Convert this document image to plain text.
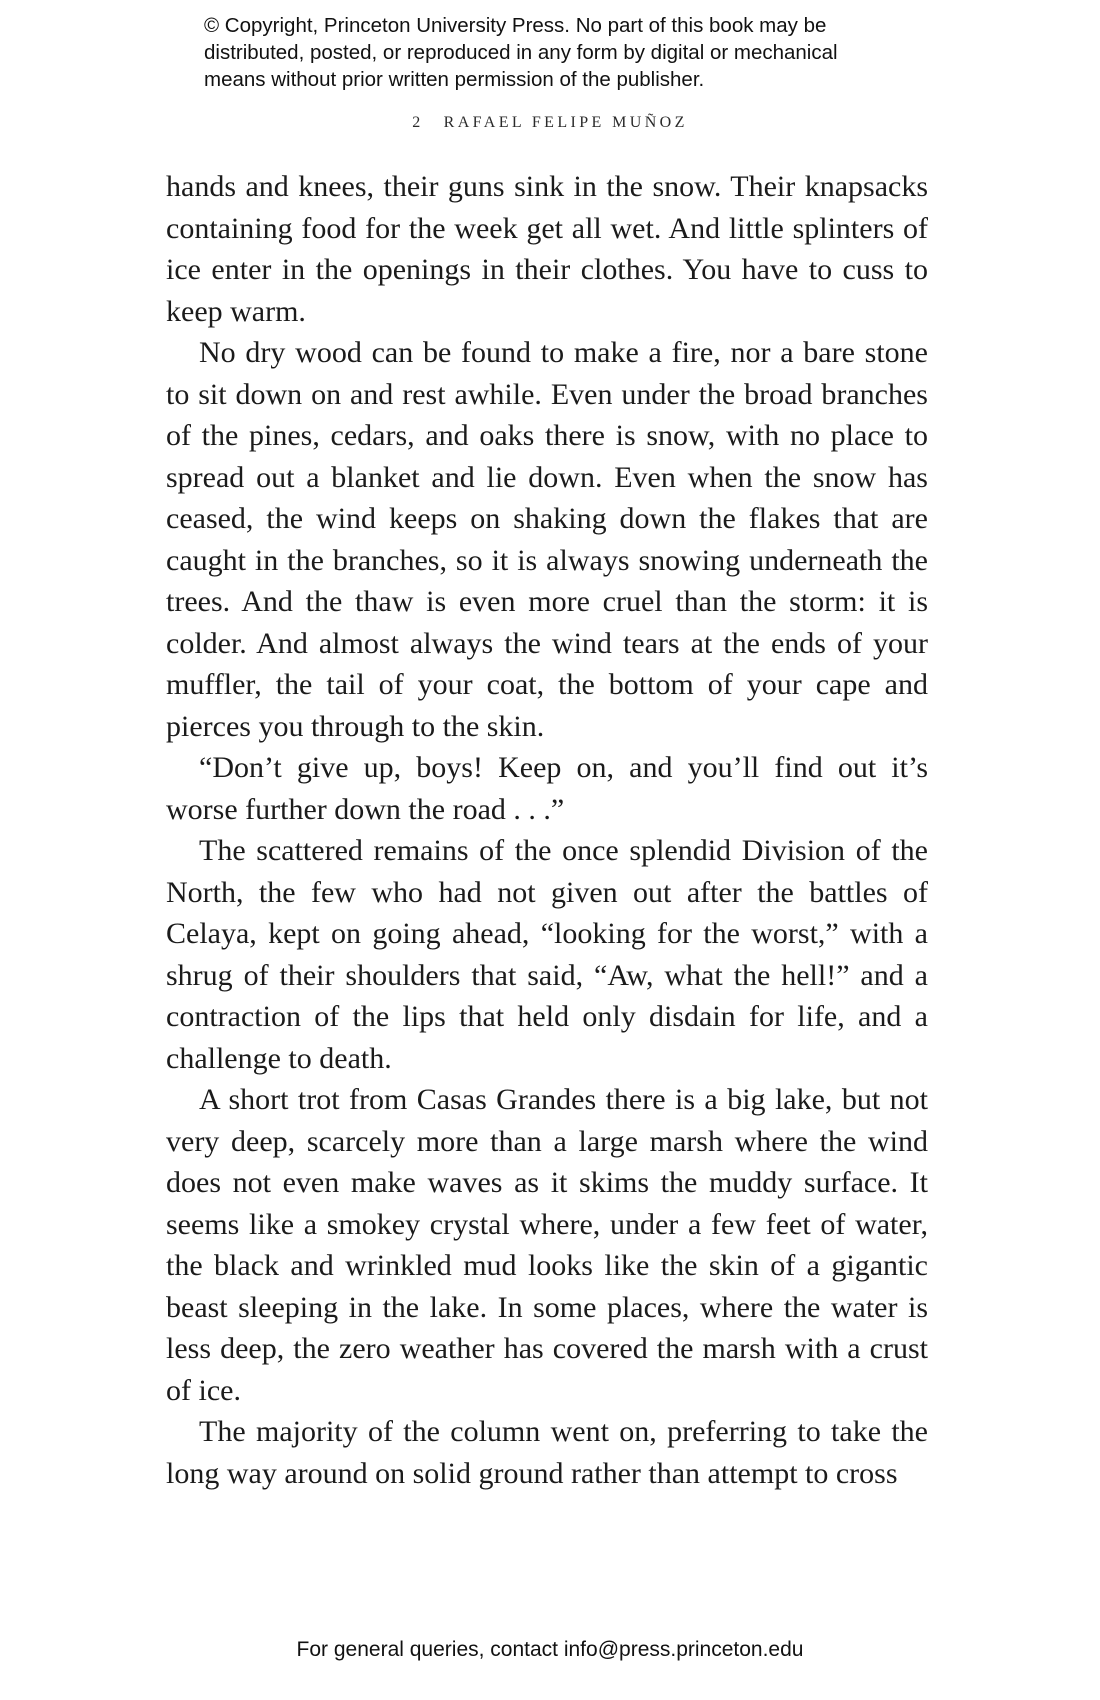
© Copyright, Princeton University Press. No part of this book may be
distributed, posted, or reproduced in any form by digital or mechanical
means without prior written permission of the publisher.
2 RAFAEL FELIPE MUÑOZ

hands and knees, their guns sink in the snow. Their knapsacks containing food for the week get all wet. And little splinters of ice enter in the openings in their clothes. You have to cuss to keep warm.

No dry wood can be found to make a fire, nor a bare stone to sit down on and rest awhile. Even under the broad branches of the pines, cedars, and oaks there is snow, with no place to spread out a blanket and lie down. Even when the snow has ceased, the wind keeps on shaking down the flakes that are caught in the branches, so it is always snowing underneath the trees. And the thaw is even more cruel than the storm: it is colder. And almost always the wind tears at the ends of your muffler, the tail of your coat, the bottom of your cape and pierces you through to the skin.

“Don’t give up, boys! Keep on, and you’ll find out it’s worse further down the road . . .”

The scattered remains of the once splendid Division of the North, the few who had not given out after the battles of Celaya, kept on going ahead, “looking for the worst,” with a shrug of their shoulders that said, “Aw, what the hell!” and a contraction of the lips that held only disdain for life, and a challenge to death.

A short trot from Casas Grandes there is a big lake, but not very deep, scarcely more than a large marsh where the wind does not even make waves as it skims the muddy surface. It seems like a smokey crystal where, under a few feet of water, the black and wrinkled mud looks like the skin of a gigantic beast sleeping in the lake. In some places, where the water is less deep, the zero weather has covered the marsh with a crust of ice.

The majority of the column went on, preferring to take the long way around on solid ground rather than attempt to cross

For general queries, contact info@press.princeton.edu
